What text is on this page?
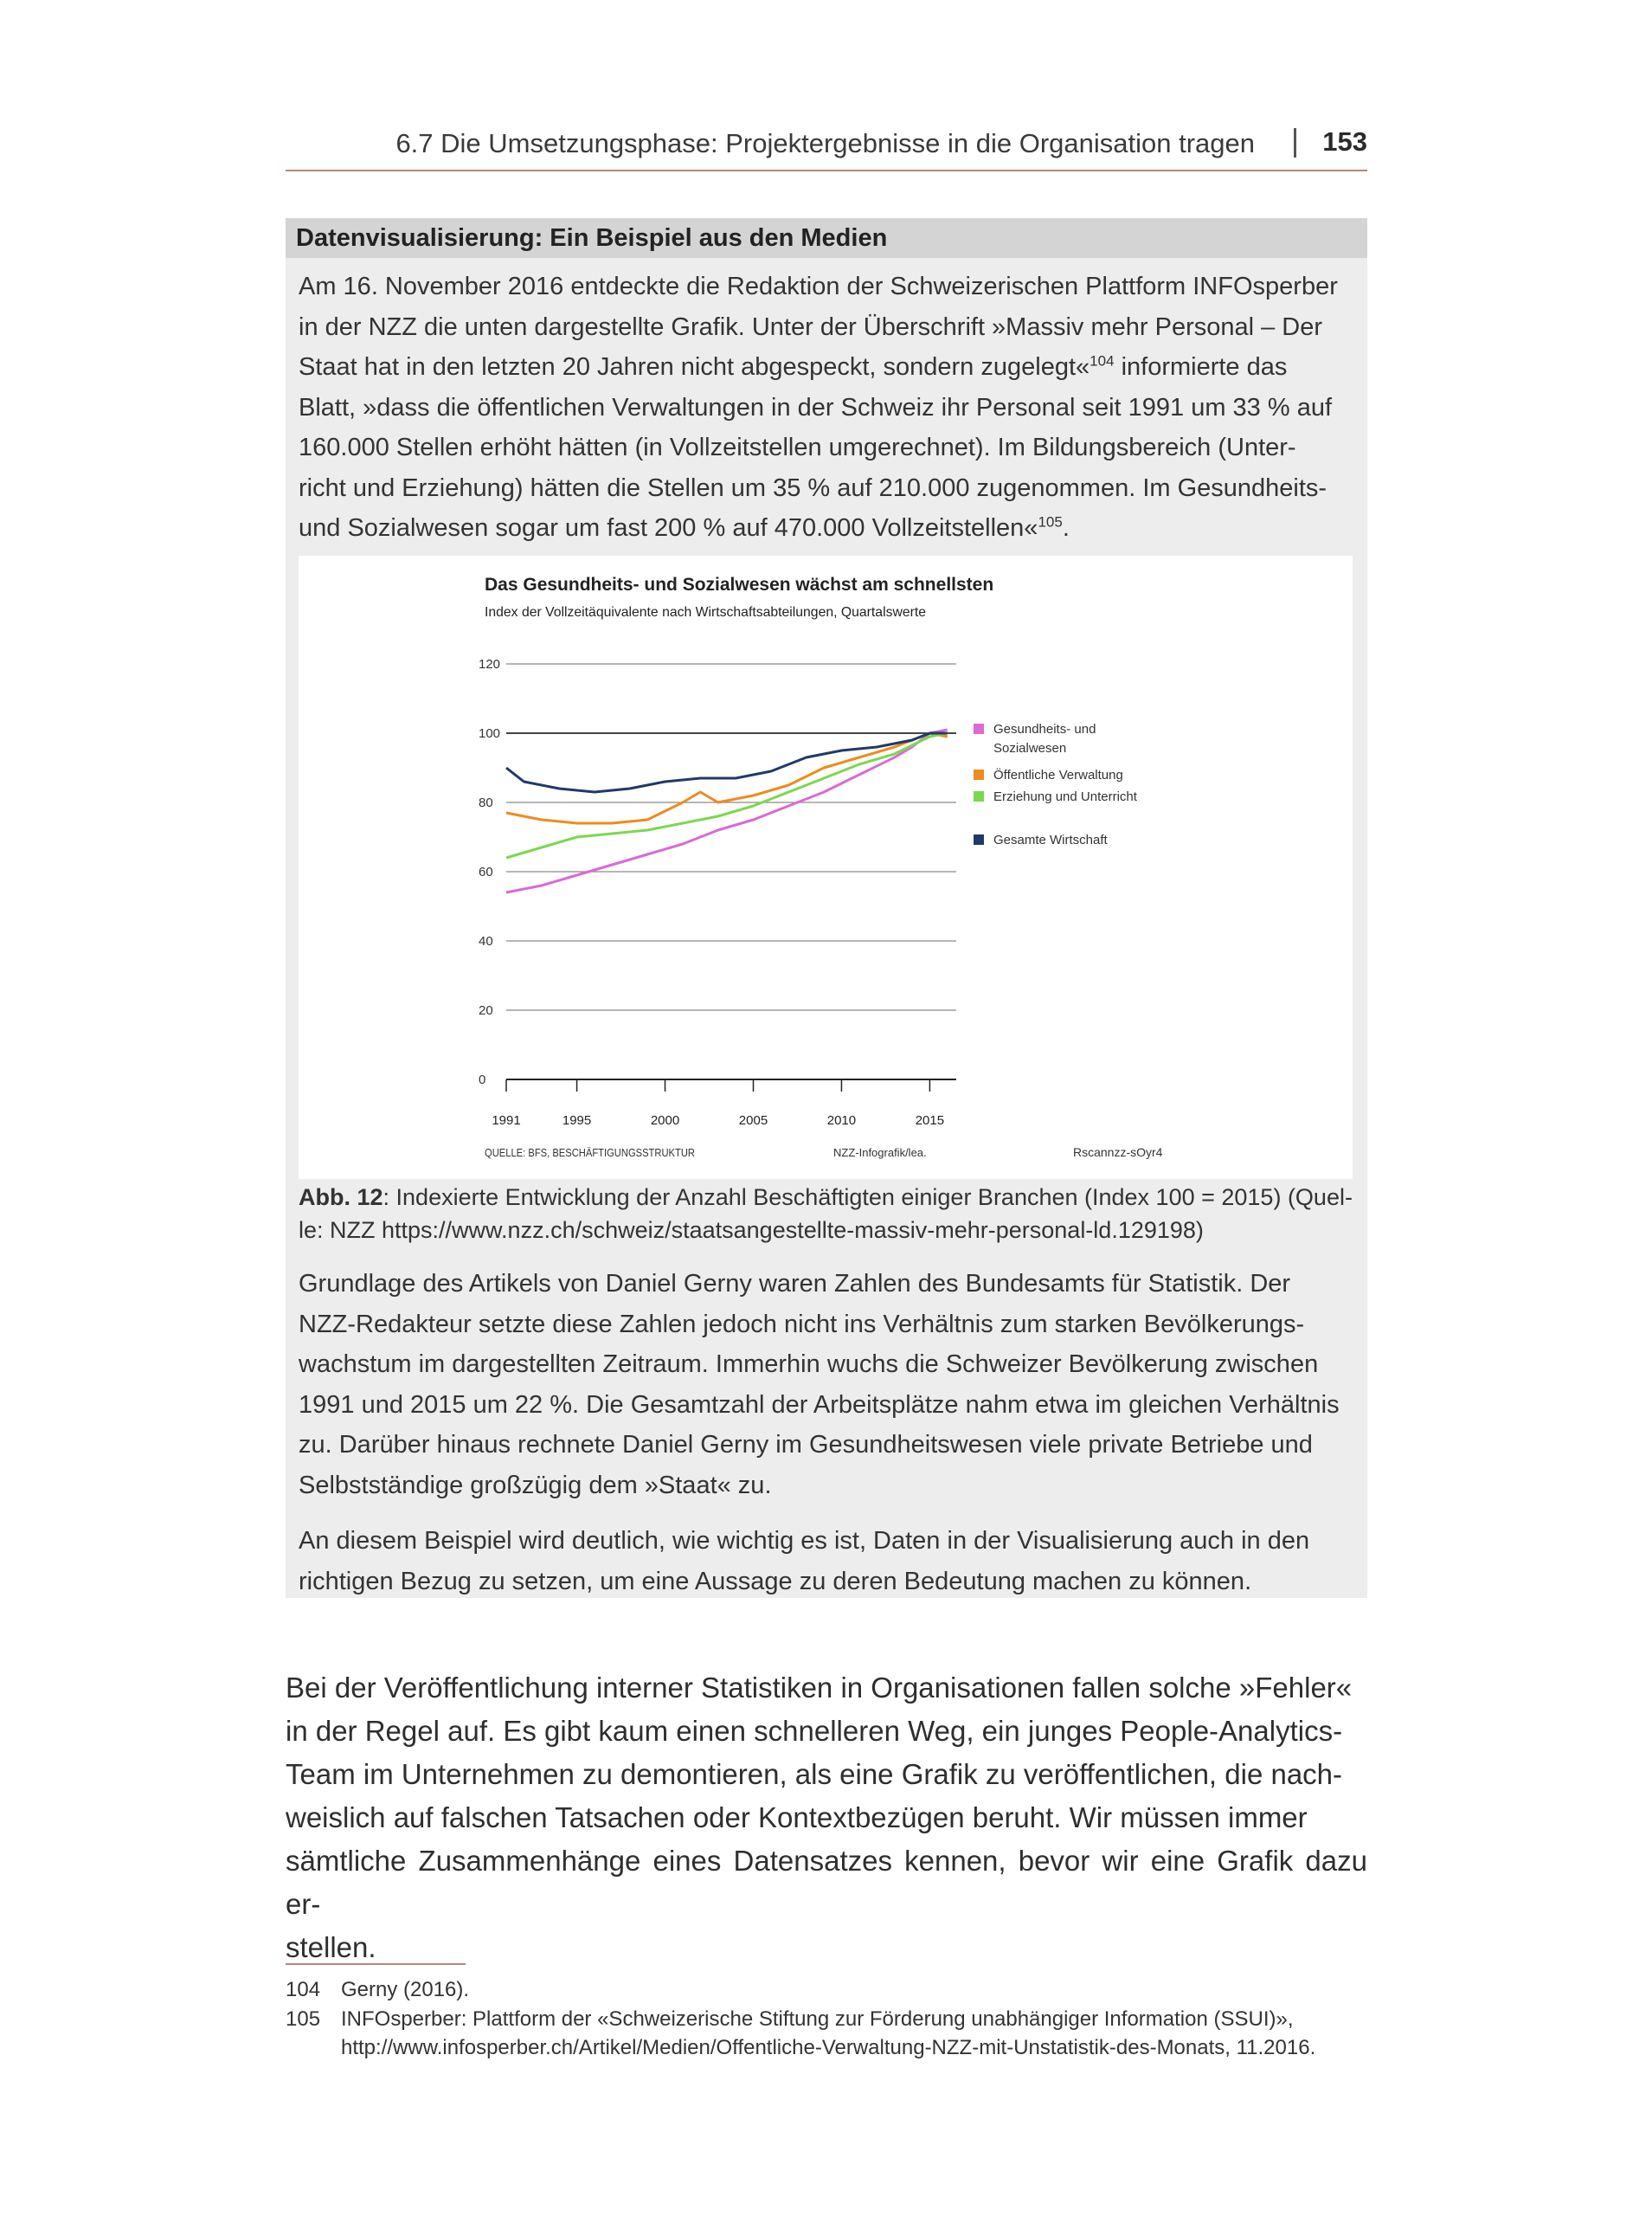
6.7 Die Umsetzungsphase: Projektergebnisse in die Organisation tragen	153
Datenvisualisierung: Ein Beispiel aus den Medien
Am 16. November 2016 entdeckte die Redaktion der Schweizerischen Plattform INFOsperber
in der NZZ die unten dargestellte Grafik. Unter der Überschrift »Massiv mehr Personal – Der
Staat hat in den letzten 20 Jahren nicht abgespeckt, sondern zugelegt«$^{104}$ informierte das
Blatt, »dass die öffentlichen Verwaltungen in der Schweiz ihr Personal seit 1991 um 33 % auf
160.000 Stellen erhöht hätten (in Vollzeitstellen umgerechnet). Im Bildungsbereich (Unter-
richt und Erziehung) hätten die Stellen um 35 % auf 210.000 zugenommen. Im Gesundheits-
und Sozialwesen sogar um fast 200 % auf 470.000 Vollzeitstellen«$^{105}$.
Das Gesundheits- und Sozialwesen wächst am schnellsten
Index der Vollzeitäquivalente nach Wirtschaftsabteilungen, Quartalswerte
0
20
40
60
80
100
120
1991	1995	2000	2005	2010	2015
Gesundheits- und
Sozialwesen
Öffentliche Verwaltung
Erziehung und Unterricht
Gesamte Wirtschaft
QUELLE: BFS, BESCHÄFTIGUNGSSTRUKTUR	NZZ-Infografik/lea.	Rscannzz-sOyr4
Abb. 12: Indexierte Entwicklung der Anzahl Beschäftigten einiger Branchen (Index 100 = 2015) (Quel-
le: NZZ https://www.nzz.ch/schweiz/staatsangestellte-massiv-mehr-personal-ld.129198)
Grundlage des Artikels von Daniel Gerny waren Zahlen des Bundesamts für Statistik. Der
NZZ-Redakteur setzte diese Zahlen jedoch nicht ins Verhältnis zum starken Bevölkerungs-
wachstum im dargestellten Zeitraum. Immerhin wuchs die Schweizer Bevölkerung zwischen
1991 und 2015 um 22 %. Die Gesamtzahl der Arbeitsplätze nahm etwa im gleichen Verhältnis
zu. Darüber hinaus rechnete Daniel Gerny im Gesundheitswesen viele private Betriebe und
Selbstständige großzügig dem »Staat« zu.
An diesem Beispiel wird deutlich, wie wichtig es ist, Daten in der Visualisierung auch in den
richtigen Bezug zu setzen, um eine Aussage zu deren Bedeutung machen zu können.
Bei der Veröffentlichung interner Statistiken in Organisationen fallen solche »Fehler«
in der Regel auf. Es gibt kaum einen schnelleren Weg, ein junges People-Analytics-
Team im Unternehmen zu demontieren, als eine Grafik zu veröffentlichen, die nach-
weislich auf falschen Tatsachen oder Kontextbezügen beruht. Wir müssen immer
sämtliche Zusammenhänge eines Datensatzes kennen, bevor wir eine Grafik dazu er-
stellen.
104 Gerny (2016).
105 INFOsperber: Plattform der «Schweizerische Stiftung zur Förderung unabhängiger Information (SSUI)», http://www.infosperber.ch/Artikel/Medien/Offentliche-Verwaltung-NZZ-mit-Unstatistik-des-Monats, 11.2016.
